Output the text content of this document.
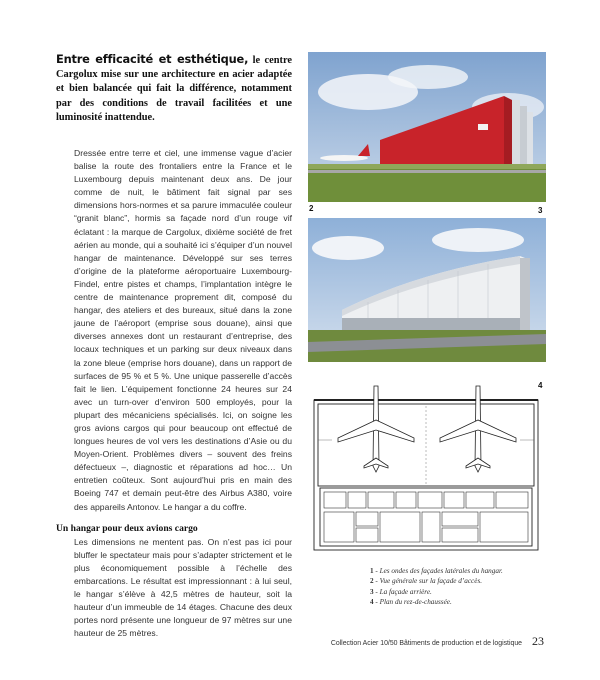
Entre efficacité et esthétique, le centre Cargolux mise sur une architecture en acier adaptée et bien balancée qui fait la différence, notamment par des conditions de travail facilitées et une luminosité inattendue.

Dressée entre terre et ciel, une immense vague d’acier balise la route des frontaliers entre la France et le Luxembourg depuis maintenant deux ans. De jour comme de nuit, le bâtiment fait signal par ses dimensions hors-normes et sa parure immaculée couleur “granit blanc”, hormis sa façade nord d’un rouge vif éclatant : la marque de Cargolux, dixième société de fret aérien au monde, qui a souhaité ici s’équiper d’un nouvel hangar de maintenance. Développé sur ses terres d’origine de la plateforme aéroportuaire Luxembourg-Findel, entre pistes et champs, l’implantation intègre le centre de maintenance proprement dit, composé du hangar, des ateliers et des bureaux, situé dans la zone jaune de l’aéroport (emprise sous douane), ainsi que diverses annexes dont un restaurant d’entreprise, des locaux techniques et un parking sur deux niveaux dans la zone bleue (emprise hors douane), dans un rapport de surfaces de 95 % et 5 %. Une unique passerelle d’accès fait le lien. L’équipement fonctionne 24 heures sur 24 avec un turn-over d’environ 500 employés, pour la plupart des mécaniciens spécialisés. Ici, on soigne les gros avions cargos qui pour beaucoup ont effectué de longues heures de vol vers les destinations d’Asie ou du Moyen-Orient. Problèmes divers – souvent des freins défectueux –, diagnostic et réparations ad hoc… Un entretien coûteux. Sont aujourd’hui pris en main des Boeing 747 et demain peut-être des Airbus A380, voire des appareils Antonov. Le hangar a du coffre.

Un hangar pour deux avions cargo

Les dimensions ne mentent pas. On n’est pas ici pour bluffer le spectateur mais pour s’adapter strictement et le plus économiquement possible à l’échelle des embarcations. Le résultat est impressionnant : à lui seul, le hangar s’élève à 42,5 mètres de hauteur, soit la hauteur d’un immeuble de 14 étages. Chacune des deux portes nord présente une longueur de 97 mètres sur une hauteur de 25 mètres.

2	3
4
1 - Les ondes des façades latérales du hangar.
2 - Vue générale sur la façade d’accès.
3 - La façade arrière.
4 - Plan du rez-de-chaussée.
Collection Acier 10/50 Bâtiments de production et de logistique 23
